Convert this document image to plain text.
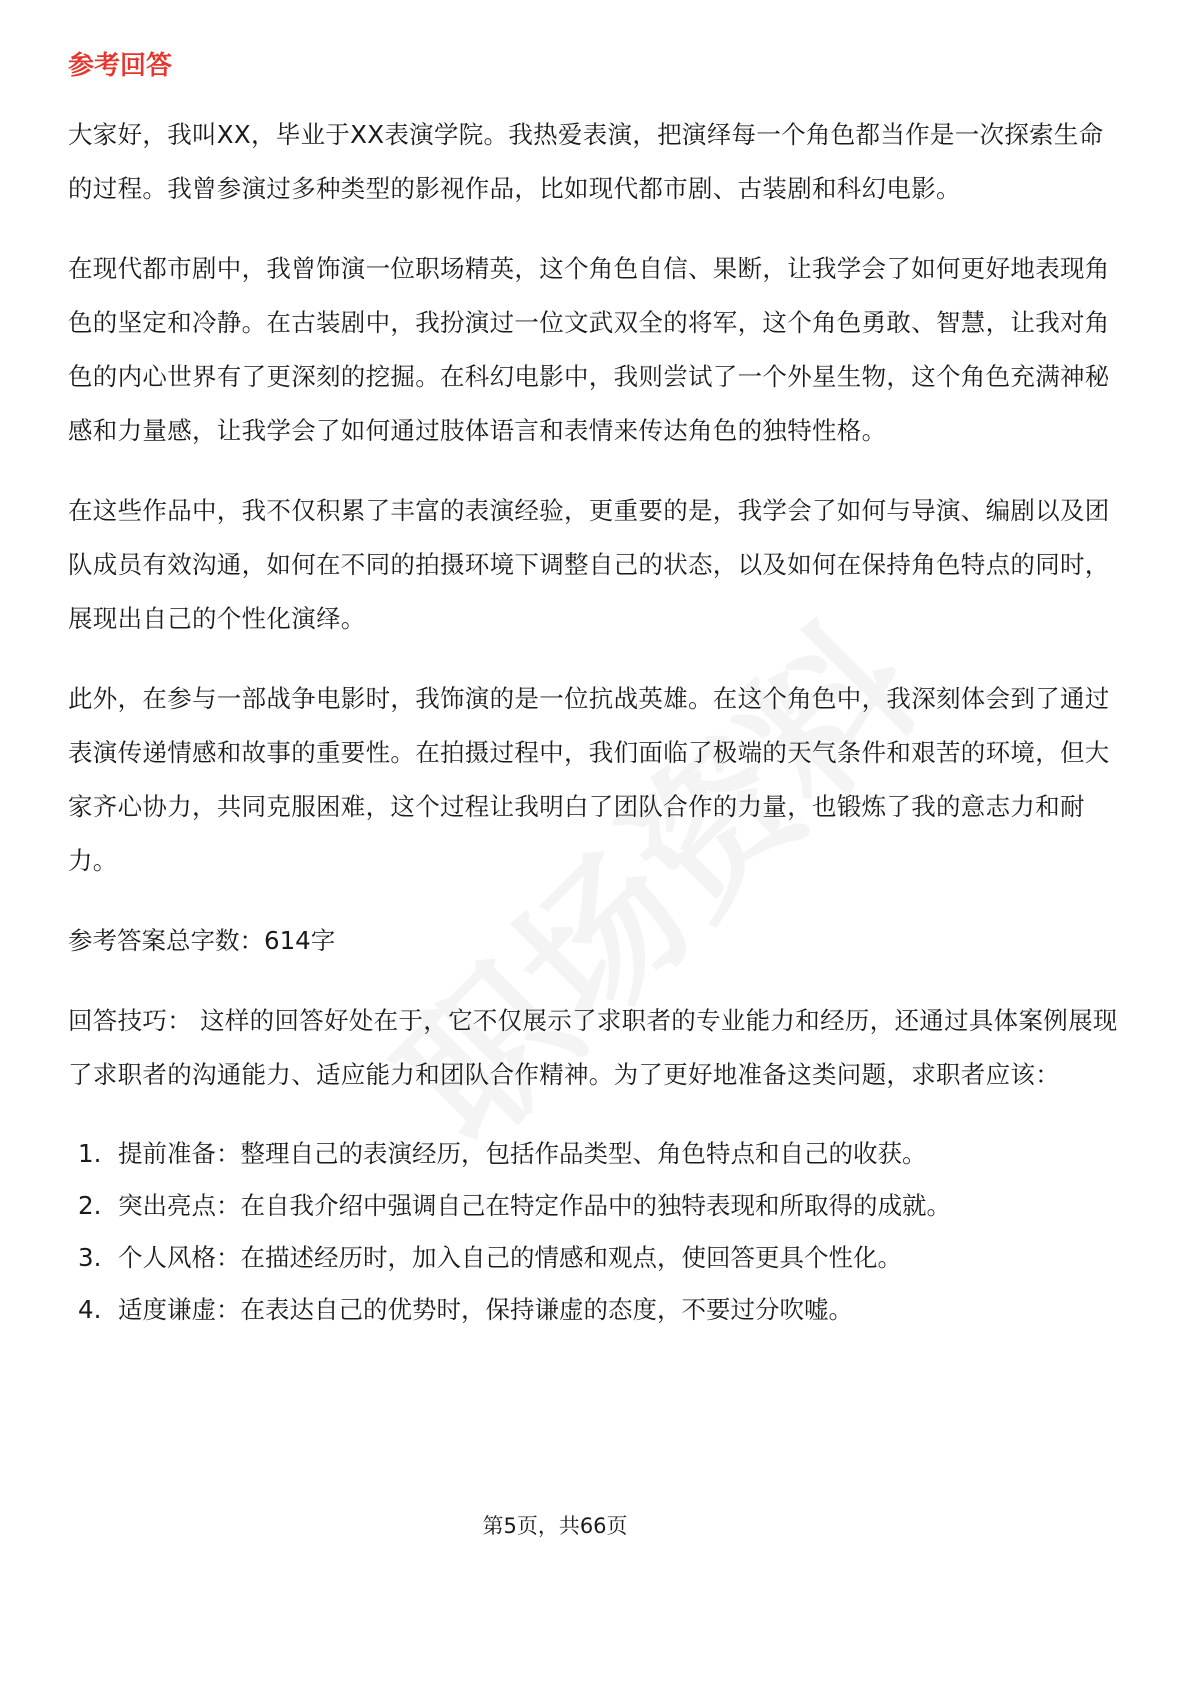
参考回答

大家好，我叫XX，毕业于XX表演学院。我热爱表演，把演绎每一个角色都当作是一次探索生命的过程。我曾参演过多种类型的影视作品，比如现代都市剧、古装剧和科幻电影。

在现代都市剧中，我曾饰演一位职场精英，这个角色自信、果断，让我学会了如何更好地表现角色的坚定和冷静。在古装剧中，我扮演过一位文武双全的将军，这个角色勇敢、智慧，让我对角色的内心世界有了更深刻的挖掘。在科幻电影中，我则尝试了一个外星生物，这个角色充满神秘感和力量感，让我学会了如何通过肢体语言和表情来传达角色的独特性格。

在这些作品中，我不仅积累了丰富的表演经验，更重要的是，我学会了如何与导演、编剧以及团队成员有效沟通，如何在不同的拍摄环境下调整自己的状态，以及如何在保持角色特点的同时，展现出自己的个性化演绎。

此外，在参与一部战争电影时，我饰演的是一位抗战英雄。在这个角色中，我深刻体会到了通过表演传递情感和故事的重要性。在拍摄过程中，我们面临了极端的天气条件和艰苦的环境，但大家齐心协力，共同克服困难，这个过程让我明白了团队合作的力量，也锻炼了我的意志力和耐力。

参考答案总字数：614字

回答技巧： 这样的回答好处在于，它不仅展示了求职者的专业能力和经历，还通过具体案例展现了求职者的沟通能力、适应能力和团队合作精神。为了更好地准备这类问题，求职者应该：

1. 提前准备：整理自己的表演经历，包括作品类型、角色特点和自己的收获。
2. 突出亮点：在自我介绍中强调自己在特定作品中的独特表现和所取得的成就。
3. 个人风格：在描述经历时，加入自己的情感和观点，使回答更具个性化。
4. 适度谦虚：在表达自己的优势时，保持谦虚的态度，不要过分吹嘘。
第5页，共66页
